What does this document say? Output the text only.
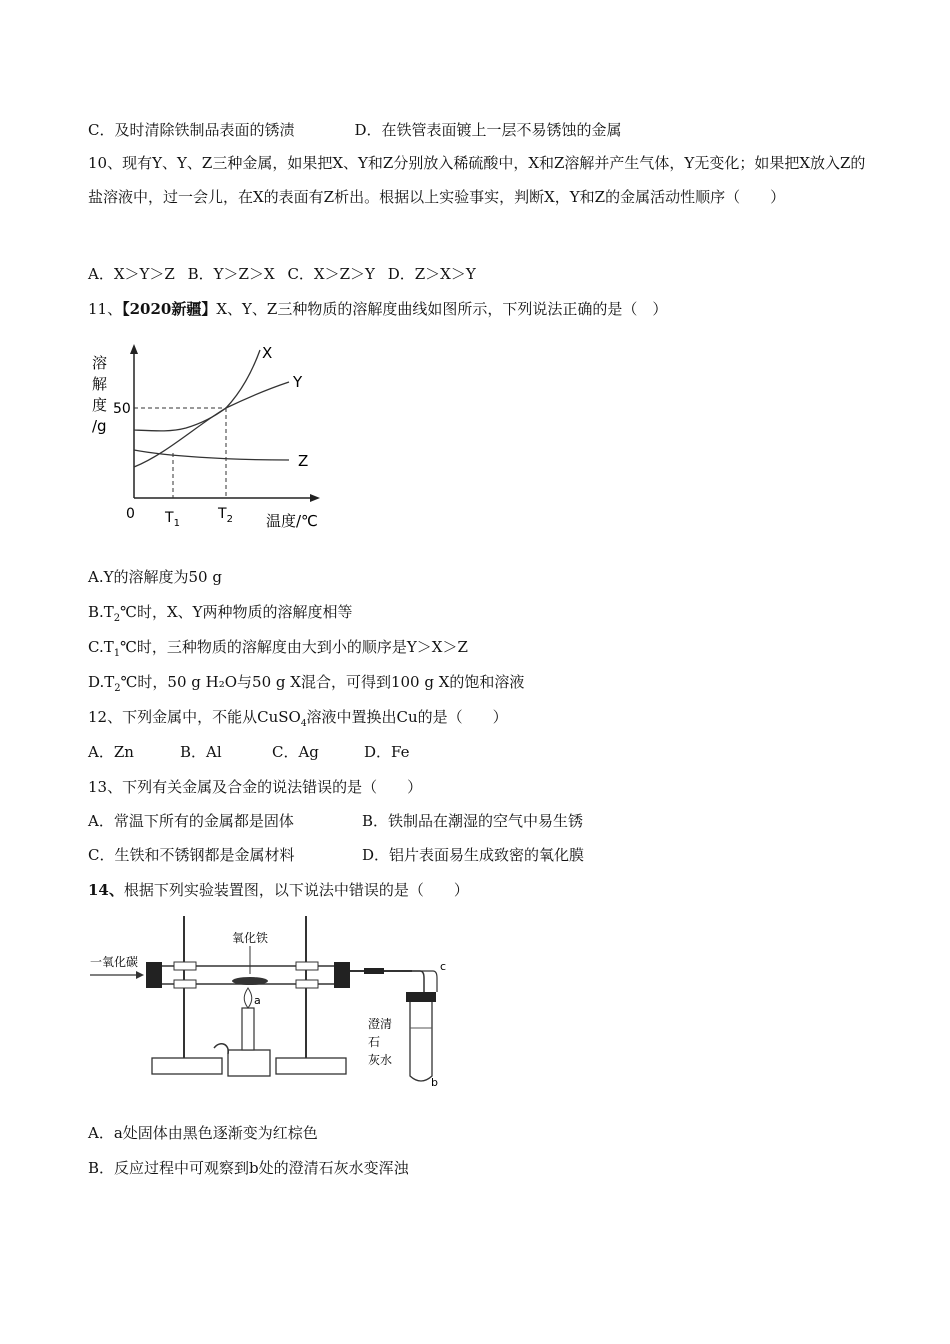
C．及时清除铁制品表面的锈渍	D．在铁管表面镀上一层不易锈蚀的金属
10、现有Y、Y、Z三种金属，如果把X、Y和Z分别放入稀硫酸中，X和Z溶解并产生气体，Y无变化；如果把X放入Z的盐溶液中，过一会儿，在X的表面有Z析出。根据以上实验事实，判断X，Y和Z的金属活动性顺序（　　）
A．X＞Y＞Z B．Y＞Z＞X C．X＞Z＞Y D．Z＞X＞Y
11、【2020新疆】X、Y、Z三种物质的溶解度曲线如图所示，下列说法正确的是（　）
溶
解
度
/g
50
X
Y
Z
0 $T_1$
$T_2$ 温度/℃
A.Y的溶解度为50 g
$B.T_2℃$时，X、Y两种物质的溶解度相等
$C.T_1℃$时，三种物质的溶解度由大到小的顺序是Y＞X＞Z
$D.T_2℃$时，50 g H₂O与50 g X混合，可得到100 g X的饱和溶液
12、下列金属中，不能从CuSO$_4$溶液中置换出Cu的是（　　）
A．Zn	B．Al	C．Ag	D．Fe
13、下列有关金属及合金的说法错误的是（　　）
A．常温下所有的金属都是固体	B．铁制品在潮湿的空气中易生锈
C．生铁和不锈钢都是金属材料	D．铝片表面易生成致密的氧化膜
14、根据下列实验装置图，以下说法中错误的是（　　）
一氧化碳
氧化铁
a
c
澄清
石
灰水
b
A．a处固体由黑色逐渐变为红棕色
B．反应过程中可观察到b处的澄清石灰水变浑浊
